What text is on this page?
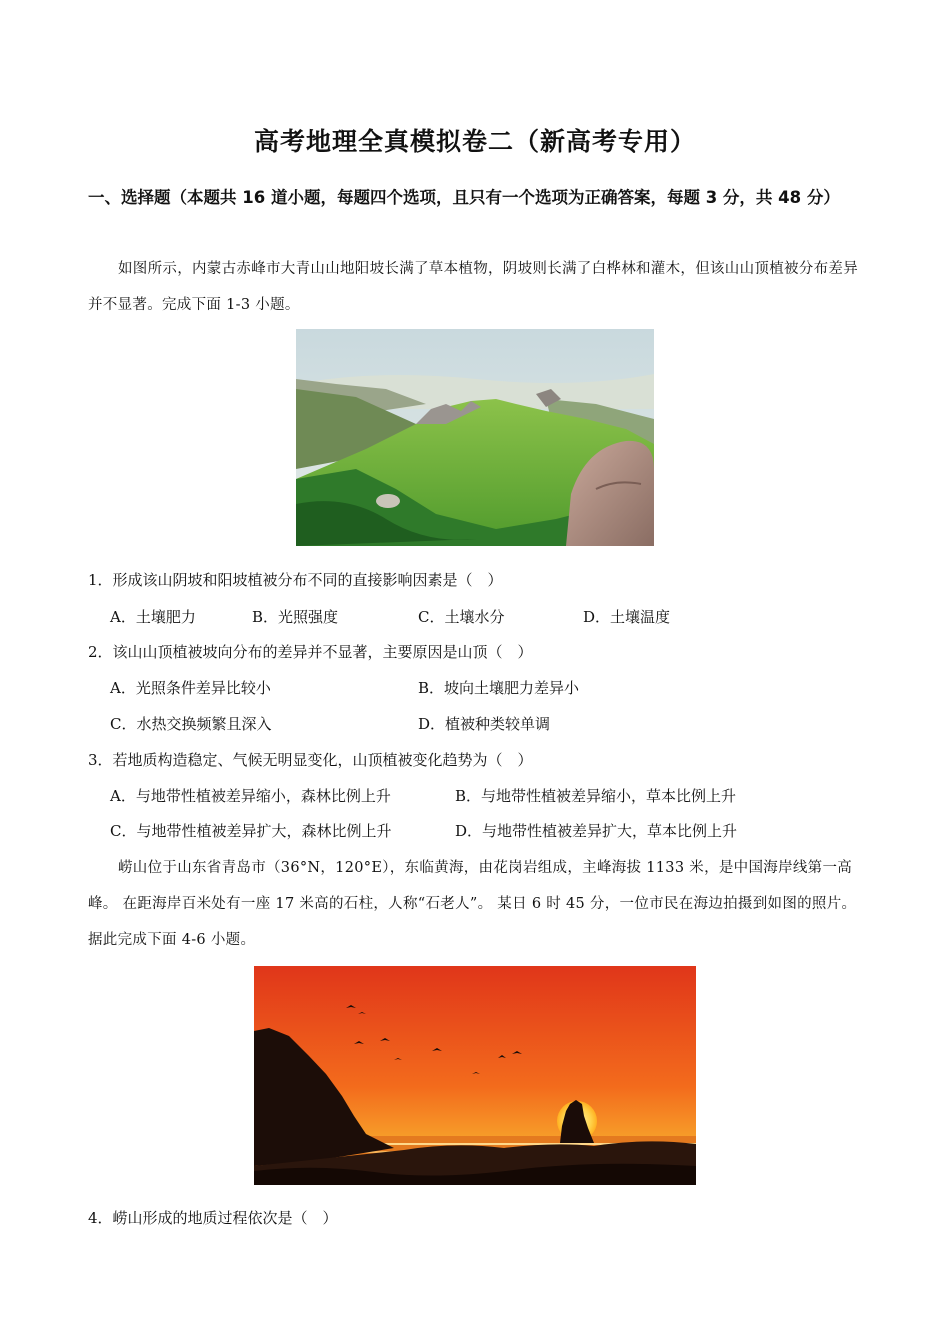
高考地理全真模拟卷二（新高考专用）
一、选择题（本题共 16 道小题，每题四个选项，且只有一个选项为正确答案，每题 3 分，共 48 分）
如图所示，内蒙古赤峰市大青山山地阳坡长满了草本植物，阴坡则长满了白桦林和灌木，但该山山顶植被分布差异并不显著。完成下面 1-3 小题。
1．形成该山阴坡和阳坡植被分布不同的直接影响因素是（　）
A．土壤肥力	B．光照强度	C．土壤水分	D．土壤温度
2．该山山顶植被坡向分布的差异并不显著，主要原因是山顶（　）
A．光照条件差异比较小	B．坡向土壤肥力差异小
C．水热交换频繁且深入	D．植被种类较单调
3．若地质构造稳定、气候无明显变化，山顶植被变化趋势为（　）
A．与地带性植被差异缩小，森林比例上升	B．与地带性植被差异缩小，草本比例上升
C．与地带性植被差异扩大，森林比例上升	D．与地带性植被差异扩大，草本比例上升
崂山位于山东省青岛市（36°N，120°E），东临黄海，由花岗岩组成，主峰海拔 1133 米，是中国海岸线第一高峰。 在距海岸百米处有一座 17 米高的石柱，人称“石老人”。 某日 6 时 45 分，一位市民在海边拍摄到如图的照片。据此完成下面 4-6 小题。
4．崂山形成的地质过程依次是（　）
